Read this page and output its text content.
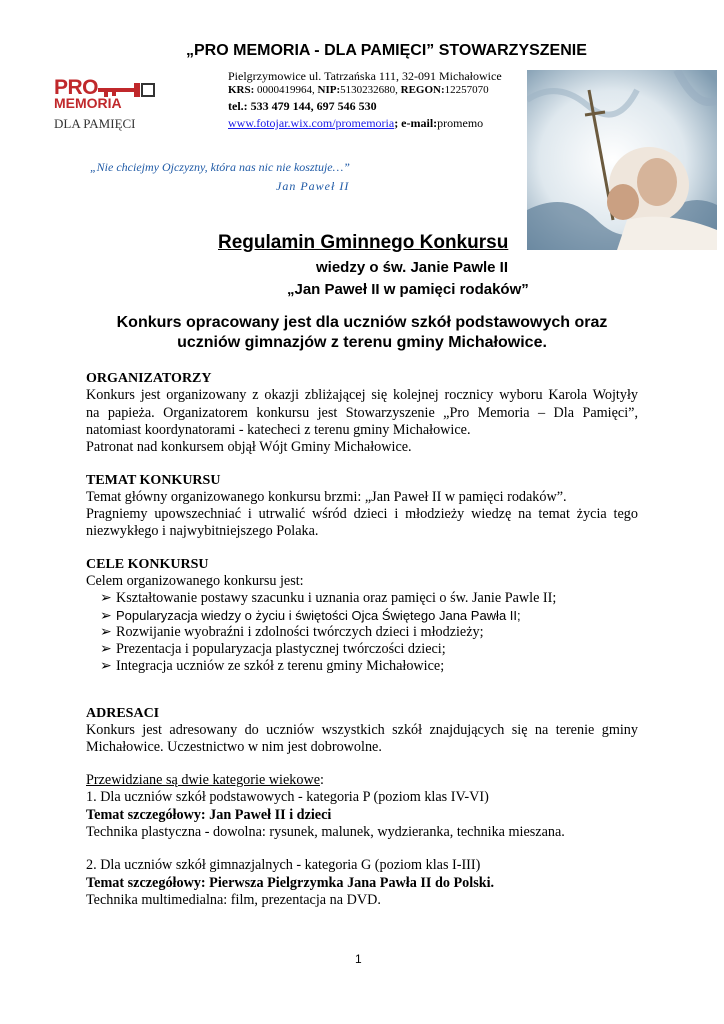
„PRO MEMORIA - DLA PAMIĘCI” STOWARZYSZENIE
PRO
MEMORIA
DLA PAMIĘCI
Pielgrzymowice ul. Tatrzańska 111, 32-091 Michałowice
KRS: 0000419964, NIP:5130232680, REGON:12257070
tel.: 533 479 144, 697 546 530
www.fotojar.wix.com/promemoria; e-mail:promemo
„Nie chciejmy Ojczyzny, która nas nic nie kosztuje…”
Jan Paweł II
Regulamin Gminnego Konkursu
wiedzy o św. Janie Pawle II
„Jan Paweł II w pamięci rodaków”
Konkurs opracowany jest dla uczniów szkół podstawowych oraz
uczniów gimnazjów z terenu gminy Michałowice.
ORGANIZATORZY
Konkurs jest organizowany z okazji zbliżającej się kolejnej rocznicy wyboru Karola Wojtyły
na papieża. Organizatorem konkursu jest Stowarzyszenie „Pro Memoria – Dla Pamięci”,
natomiast koordynatorami - katecheci z terenu gminy Michałowice.
Patronat nad konkursem objął Wójt Gminy Michałowice.
TEMAT KONKURSU
Temat główny organizowanego konkursu brzmi: „Jan Paweł II w pamięci rodaków”.
Pragniemy upowszechniać i utrwalić wśród dzieci i młodzieży wiedzę na temat życia tego
niezwykłego i najwybitniejszego Polaka.
CELE KONKURSU
Celem organizowanego konkursu jest:
➢ Kształtowanie postawy szacunku i uznania oraz pamięci o św. Janie Pawle II;
➢ Popularyzacja wiedzy o życiu i świętości Ojca Świętego Jana Pawła II;
➢ Rozwijanie wyobraźni i zdolności twórczych dzieci i młodzieży;
➢ Prezentacja i popularyzacja plastycznej twórczości dzieci;
➢ Integracja uczniów ze szkół z terenu gminy Michałowice;
ADRESACI
Konkurs jest adresowany do uczniów wszystkich szkół znajdujących się na terenie gminy
Michałowice. Uczestnictwo w nim jest dobrowolne.
Przewidziane są dwie kategorie wiekowe:
1. Dla uczniów szkół podstawowych - kategoria P (poziom klas IV-VI)
Temat szczegółowy: Jan Paweł II i dzieci
Technika plastyczna - dowolna: rysunek, malunek, wydzieranka, technika mieszana.
2. Dla uczniów szkół gimnazjalnych - kategoria G (poziom klas I-III)
Temat szczegółowy: Pierwsza Pielgrzymka Jana Pawła II do Polski.
Technika multimedialna: film, prezentacja na DVD.
1
